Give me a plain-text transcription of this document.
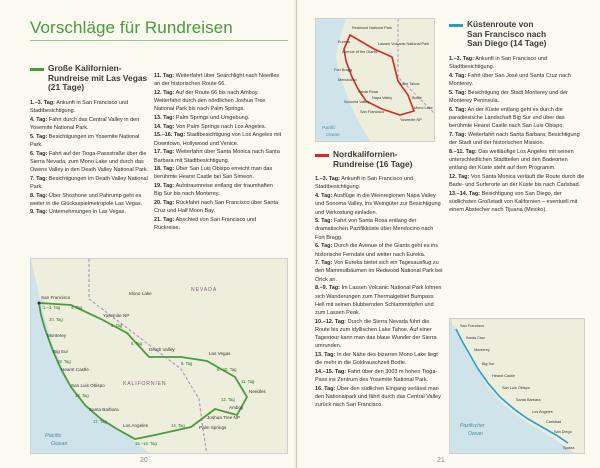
Vorschläge für Rundreisen
Große Kalifornien-
Rundreise mit Las Vegas
(21 Tage)

1.–3. Tag: Ankunft in San Francisco und Stadtbesichtigung.

4. Tag: Fahrt durch das Central Valley in den Yosemite National Park.

5. Tag: Besichtigungen im Yosemite National Park.

6. Tag: Fahrt auf der Tioga-Passstraße über die Sierra Nevada, zum Mono Lake und durch das Owens Valley in den Death Valley National Park.

7. Tag: Besichtigungen im Death Valley National Park.

8. Tag: Über Shoshone und Pahrump geht es weiter in die Glücksspielmetropole Las Vegas.

9. Tag: Unternehmungen in Las Vegas.

11. Tag: Weiterfahrt über Searchlight nach Needles an der historischen Route 66.

12. Tag: Auf der Route 66 bis nach Amboy. Weiterfahrt durch den nördlichen Joshua Tree National Park bis nach Palm Springs.

13. Tag: Palm Springs und Umgebung.

14. Tag: Von Palm Springs nach Los Angeles.

15.–16. Tag: Stadtbesichtigung von Los Angeles mit Downtown, Hollywood und Venice.

17. Tag: Weiterfahrt über Santa Monica nach Santa Barbara mit Stadtbesichtigung.

18. Tag: Über San Luis Obispo erreicht man das berühmte Hearst Castle bei San Simeon.

19. Tag: Autotraumreise entlang der traumhaften Big Sur bis nach Monterey.

20. Tag: Rückfahrt nach San Francisco über Santa Cruz und Half Moon Bay.

21. Tag: Abschied von San Francisco und Rückreise.

San Francisco
Monterey
Big Sur
Hearst Castle
San Luis Obispo
Santa Barbara
Los Angeles	Palm Springs
Yosemite NP
Mono Lake
Death Valley
Las Vegas
Needles
Amboy
Joshua Tree NP
1.–3. Tag	4. Tag
5. Tag
6. Tag
8. Tag
9.–10. Tag
11. Tag
12. Tag
14. Tag
15.–16. Tag
17. Tag
18. Tag
19. Tag
20. Tag
NEVADA
KALIFORNIEN
Pacific
Ocean
20
Redwood National Park
Eureka
Avenue of the Giants
Lassen Volcanic National Park
Fort Bragg
Mendocino
Santa Rosa
Sonoma Valley
Napa Valley
San Francisco
Lake Tahoe
Bodie
Mono Lake
Yosemite NP
Pacific
Ocean
Nordkalifornien-
Rundreise (16 Tage)

1.–3. Tag: Ankunft in San Francisco und Stadtbesichtigung.

4. Tag: Ausflüge in die Weinregionen Napa Valley und Sonoma Valley, ins Weingüter zur Besichtigung und Verkostung einladen.

5. Tag: Fahrt von Santa Rosa entlang der dramatischen Pazifikküste über Mendocino nach Fort Bragg.

6. Tag: Durch die Avenue of the Giants geht es ins historische Ferndale und weiter nach Eureka.

7. Tag: Von Eureka bietet sich ein Tagesausflug zu den Mammutbäumen im Redwood National Park bei Orick an.

8.–9. Tag: Im Lassen Volcanic National Park lohnen sich Wanderungen zum Thermalgebiet Bumpass Hell mit seinen blubbernden Schlammtöpfen und zum Lassen Peak.

10.–12. Tag: Durch die Sierra Nevada führt die Route bis zum idyllischen Lake Tahoe. Auf einer Tagestour kann man das blaue Wunder der Sierra umrunden.

13. Tag: In der Nähe des bizarren Mono Lake liegt die mehr in die Goldrauschzeit Bodie.

14.–15. Tag: Fahrt über den 3003 m hohen Tioga-Pass ins Zentrum des Yosemite National Park.

16. Tag: Über den südlichen Eingang verlässt man den Nationalpark und fährt durch das Central Valley zurück nach San Francisco.

Küstenroute von
San Francisco nach
San Diego (14 Tage)

1.–3. Tag: Ankunft in San Francisco und Stadtbesichtigung.

4. Tag: Fahrt über San José und Santa Cruz nach Monterey.

5. Tag: Besichtigung der Stadt Monterey und der Monterey Peninsula.

6. Tag: An der Küste entlang geht es durch die paradiesische Landschaft Big Sur und über das berühmte Hearst Castle nach San Luis Obispo.

7. Tag: Weiterfahrt nach Santa Barbara; Besichtigung der Stadt und der historischen Mission.

8.–11. Tag: Das weitläufige Los Angeles mit seinen unterschiedlichen Stadtteilen und den Badeorten entlang der Küste steht auf dem Programm.

12. Tag: Von Santa Monica verläuft die Route durch die Bade- und Surferorte an der Küste bis nach Carlsbad.

13.–14. Tag: Besichtigung von San Diego, der südlichsten Großstadt von Kalifornien – eventuell mit einem Abstecher nach Tijuana (Mexiko).

San Francisco
Santa Cruz
Monterey
Big Sur
Hearst Castle
San Luis Obispo
Santa Barbara
Los Angeles
Carlsbad
San Diego
Tijuana
Pazifischer
Ozean
21
